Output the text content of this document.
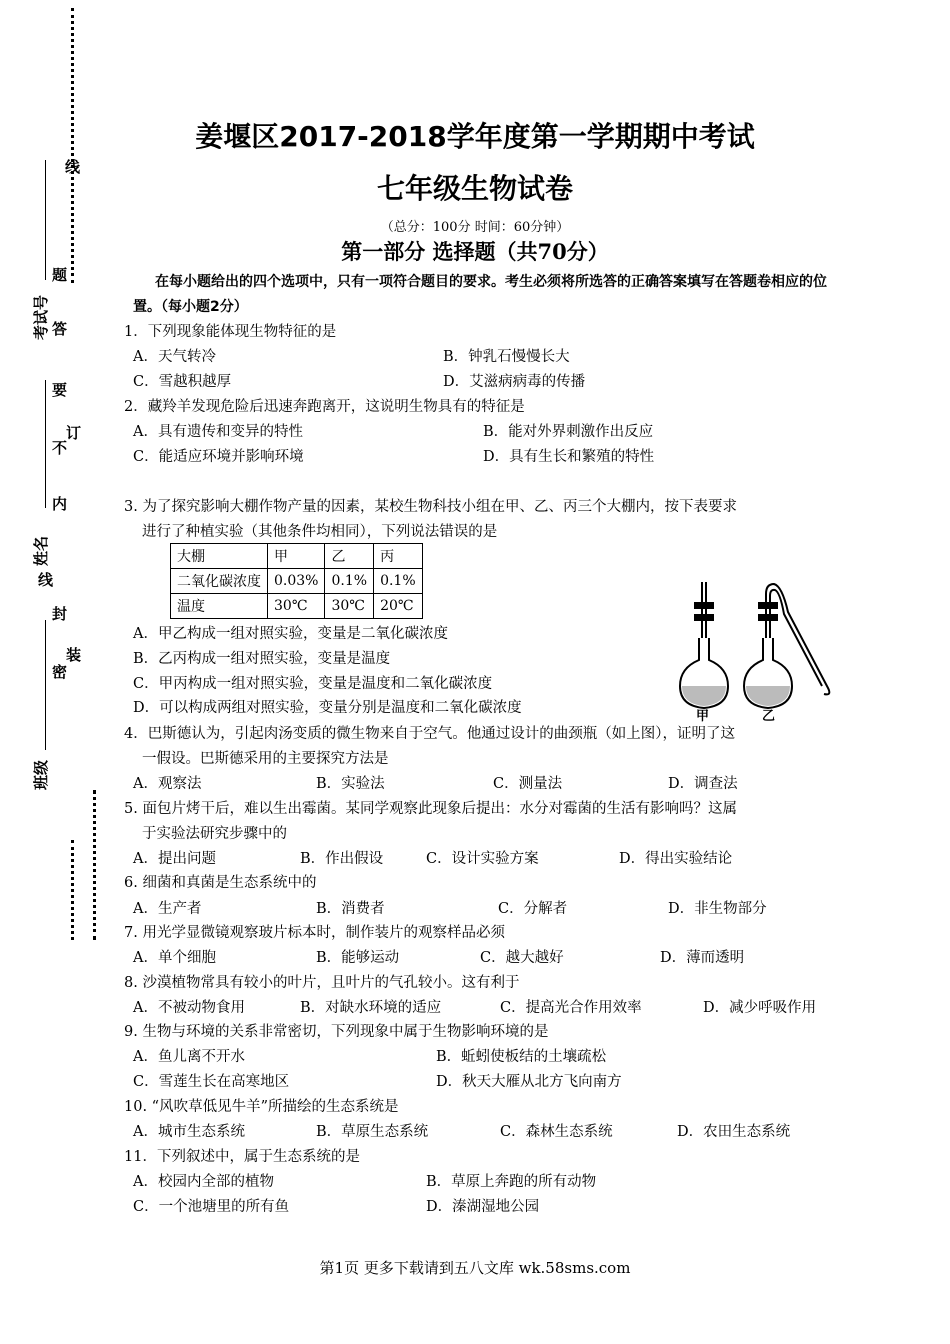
线
题
答
要
不
订
内
线
封
装
密
考试号
姓名
班级
姜堰区2017-2018学年度第一学期期中考试
七年级生物试卷
（总分：100分 时间：60分钟）
第一部分 选择题（共70分）
在每小题给出的四个选项中，只有一项符合题目的要求。考生必须将所选答的正确答案填写在答题卷相应的位置。（每小题2分）
1．下列现象能体现生物特征的是
A．天气转冷	B．钟乳石慢慢长大
C．雪越积越厚	D．艾滋病病毒的传播
2．藏羚羊发现危险后迅速奔跑离开，这说明生物具有的特征是
A．具有遗传和变异的特性	B．能对外界刺激作出反应
C．能适应环境并影响环境	D．具有生长和繁殖的特性
3. 为了探究影响大棚作物产量的因素，某校生物科技小组在甲、乙、丙三个大棚内，按下表要求
进行了种植实验（其他条件均相同），下列说法错误的是
大棚	甲	乙	丙
二氧化碳浓度	0.03%	0.1%	0.1%
温度	30℃	30℃	20℃
A．甲乙构成一组对照实验，变量是二氧化碳浓度
B．乙丙构成一组对照实验，变量是温度
C．甲丙构成一组对照实验，变量是温度和二氧化碳浓度
D．可以构成两组对照实验，变量分别是温度和二氧化碳浓度
甲	乙
4．巴斯德认为，引起肉汤变质的微生物来自于空气。他通过设计的曲颈瓶（如上图），证明了这
一假设。巴斯德采用的主要探究方法是
A．观察法	B．实验法	C．测量法	D．调查法
5. 面包片烤干后，难以生出霉菌。某同学观察此现象后提出：水分对霉菌的生活有影响吗？这属
于实验法研究步骤中的
A．提出问题	B．作出假设	C．设计实验方案	D．得出实验结论
6. 细菌和真菌是生态系统中的
A．生产者	B．消费者	C．分解者	D．非生物部分
7. 用光学显微镜观察玻片标本时，制作装片的观察样品必须
A．单个细胞	B．能够运动	C．越大越好	D．薄而透明
8. 沙漠植物常具有较小的叶片，且叶片的气孔较小。这有利于
A．不被动物食用	B．对缺水环境的适应	C．提高光合作用效率	D．减少呼吸作用
9. 生物与环境的关系非常密切，下列现象中属于生物影响环境的是
A．鱼儿离不开水	B．蚯蚓使板结的土壤疏松
C．雪莲生长在高寒地区	D．秋天大雁从北方飞向南方
10. “风吹草低见牛羊”所描绘的生态系统是
A．城市生态系统	B．草原生态系统	C．森林生态系统	D．农田生态系统
11．下列叙述中，属于生态系统的是
A．校园内全部的植物	B．草原上奔跑的所有动物
C．一个池塘里的所有鱼	D．溱湖湿地公园
第1页 更多下载请到五八文库 wk.58sms.com
